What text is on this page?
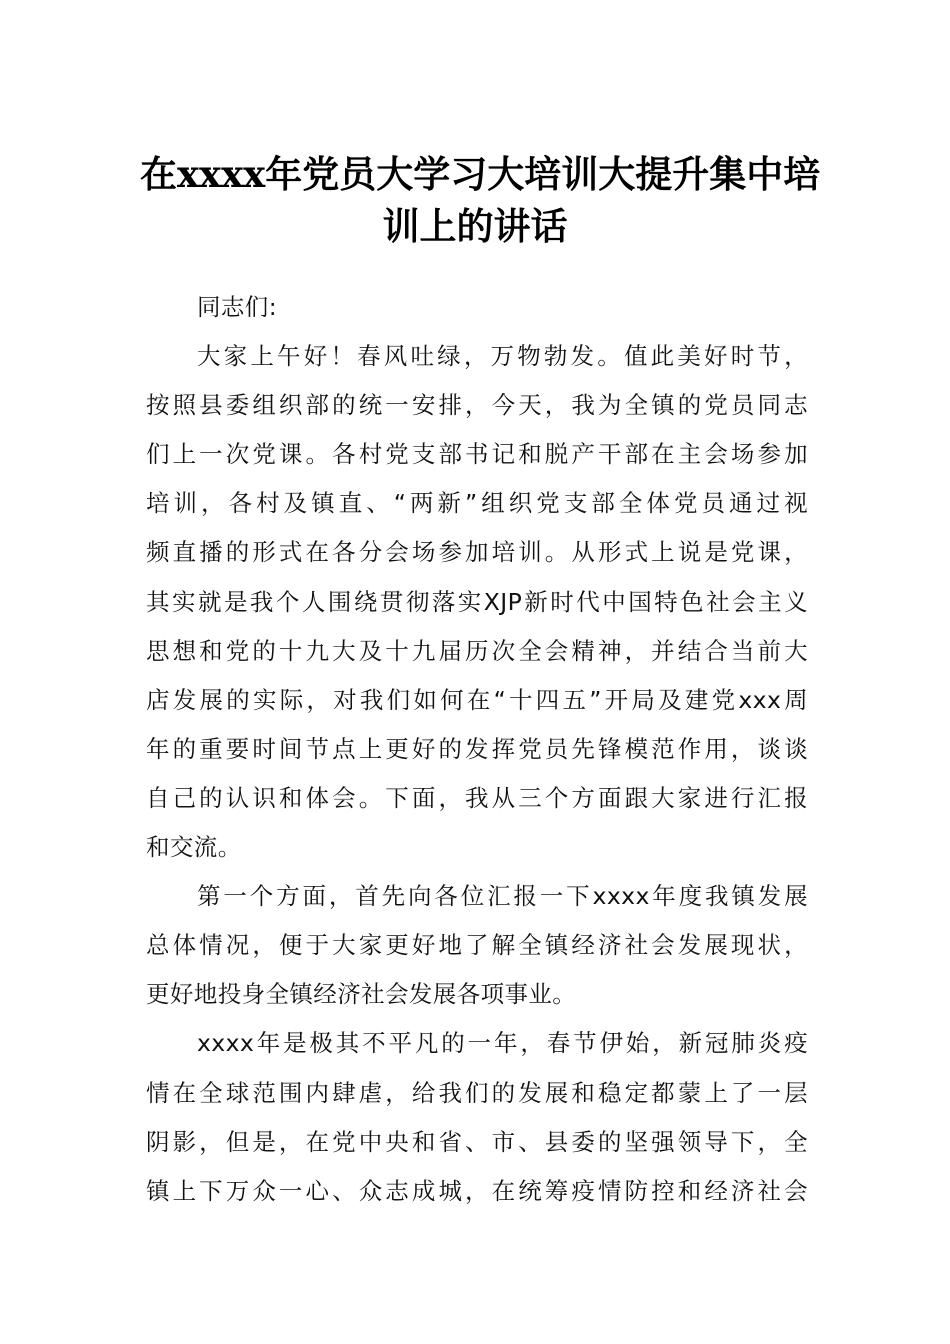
在xxxx年党员大学习大培训大提升集中培
训上的讲话
同志们:
大家上午好！春风吐绿，万物勃发。值此美好时节，
按照县委组织部的统一安排，今天，我为全镇的党员同志
们上一次党课。各村党支部书记和脱产干部在主会场参加
培训，各村及镇直、“两新”组织党支部全体党员通过视
频直播的形式在各分会场参加培训。从形式上说是党课，
其实就是我个人围绕贯彻落实XJP新时代中国特色社会主义
思想和党的十九大及十九届历次全会精神，并结合当前大
店发展的实际，对我们如何在“十四五”开局及建党xxx周
年的重要时间节点上更好的发挥党员先锋模范作用，谈谈
自己的认识和体会。下面，我从三个方面跟大家进行汇报
和交流。
第一个方面，首先向各位汇报一下xxxx年度我镇发展
总体情况，便于大家更好地了解全镇经济社会发展现状，
更好地投身全镇经济社会发展各项事业。
xxxx年是极其不平凡的一年，春节伊始，新冠肺炎疫
情在全球范围内肆虐，给我们的发展和稳定都蒙上了一层
阴影，但是，在党中央和省、市、县委的坚强领导下，全
镇上下万众一心、众志成城，在统筹疫情防控和经济社会
